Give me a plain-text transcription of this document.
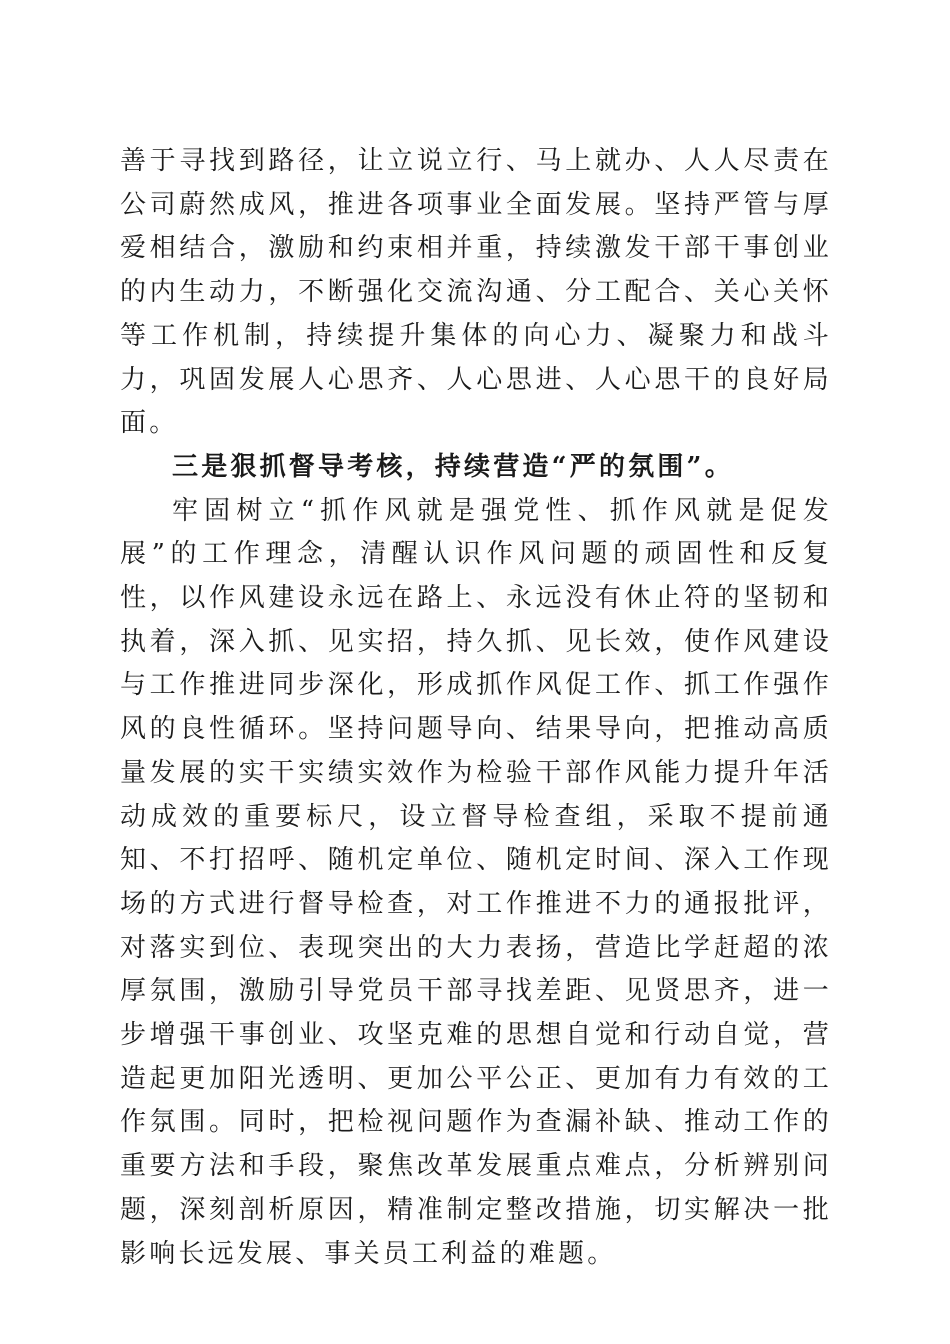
善于寻找到路径，让立说立行、马上就办、人人尽责在公司蔚然成风，推进各项事业全面发展。坚持严管与厚爱相结合，激励和约束相并重，持续激发干部干事创业的内生动力，不断强化交流沟通、分工配合、关心关怀等工作机制，持续提升集体的向心力、凝聚力和战斗力，巩固发展人心思齐、人心思进、人心思干的良好局面。

三是狠抓督导考核，持续营造“严的氛围”。

牢固树立“抓作风就是强党性、抓作风就是促发展”的工作理念，清醒认识作风问题的顽固性和反复性，以作风建设永远在路上、永远没有休止符的坚韧和执着，深入抓、见实招，持久抓、见长效，使作风建设与工作推进同步深化，形成抓作风促工作、抓工作强作风的良性循环。坚持问题导向、结果导向，把推动高质量发展的实干实绩实效作为检验干部作风能力提升年活动成效的重要标尺，设立督导检查组，采取不提前通知、不打招呼、随机定单位、随机定时间、深入工作现场的方式进行督导检查，对工作推进不力的通报批评，对落实到位、表现突出的大力表扬，营造比学赶超的浓厚氛围，激励引导党员干部寻找差距、见贤思齐，进一步增强干事创业、攻坚克难的思想自觉和行动自觉，营造起更加阳光透明、更加公平公正、更加有力有效的工作氛围。同时，把检视问题作为查漏补缺、推动工作的重要方法和手段，聚焦改革发展重点难点，分析辨别问题，深刻剖析原因，精准制定整改措施，切实解决一批影响长远发展、事关员工利益的难题。
